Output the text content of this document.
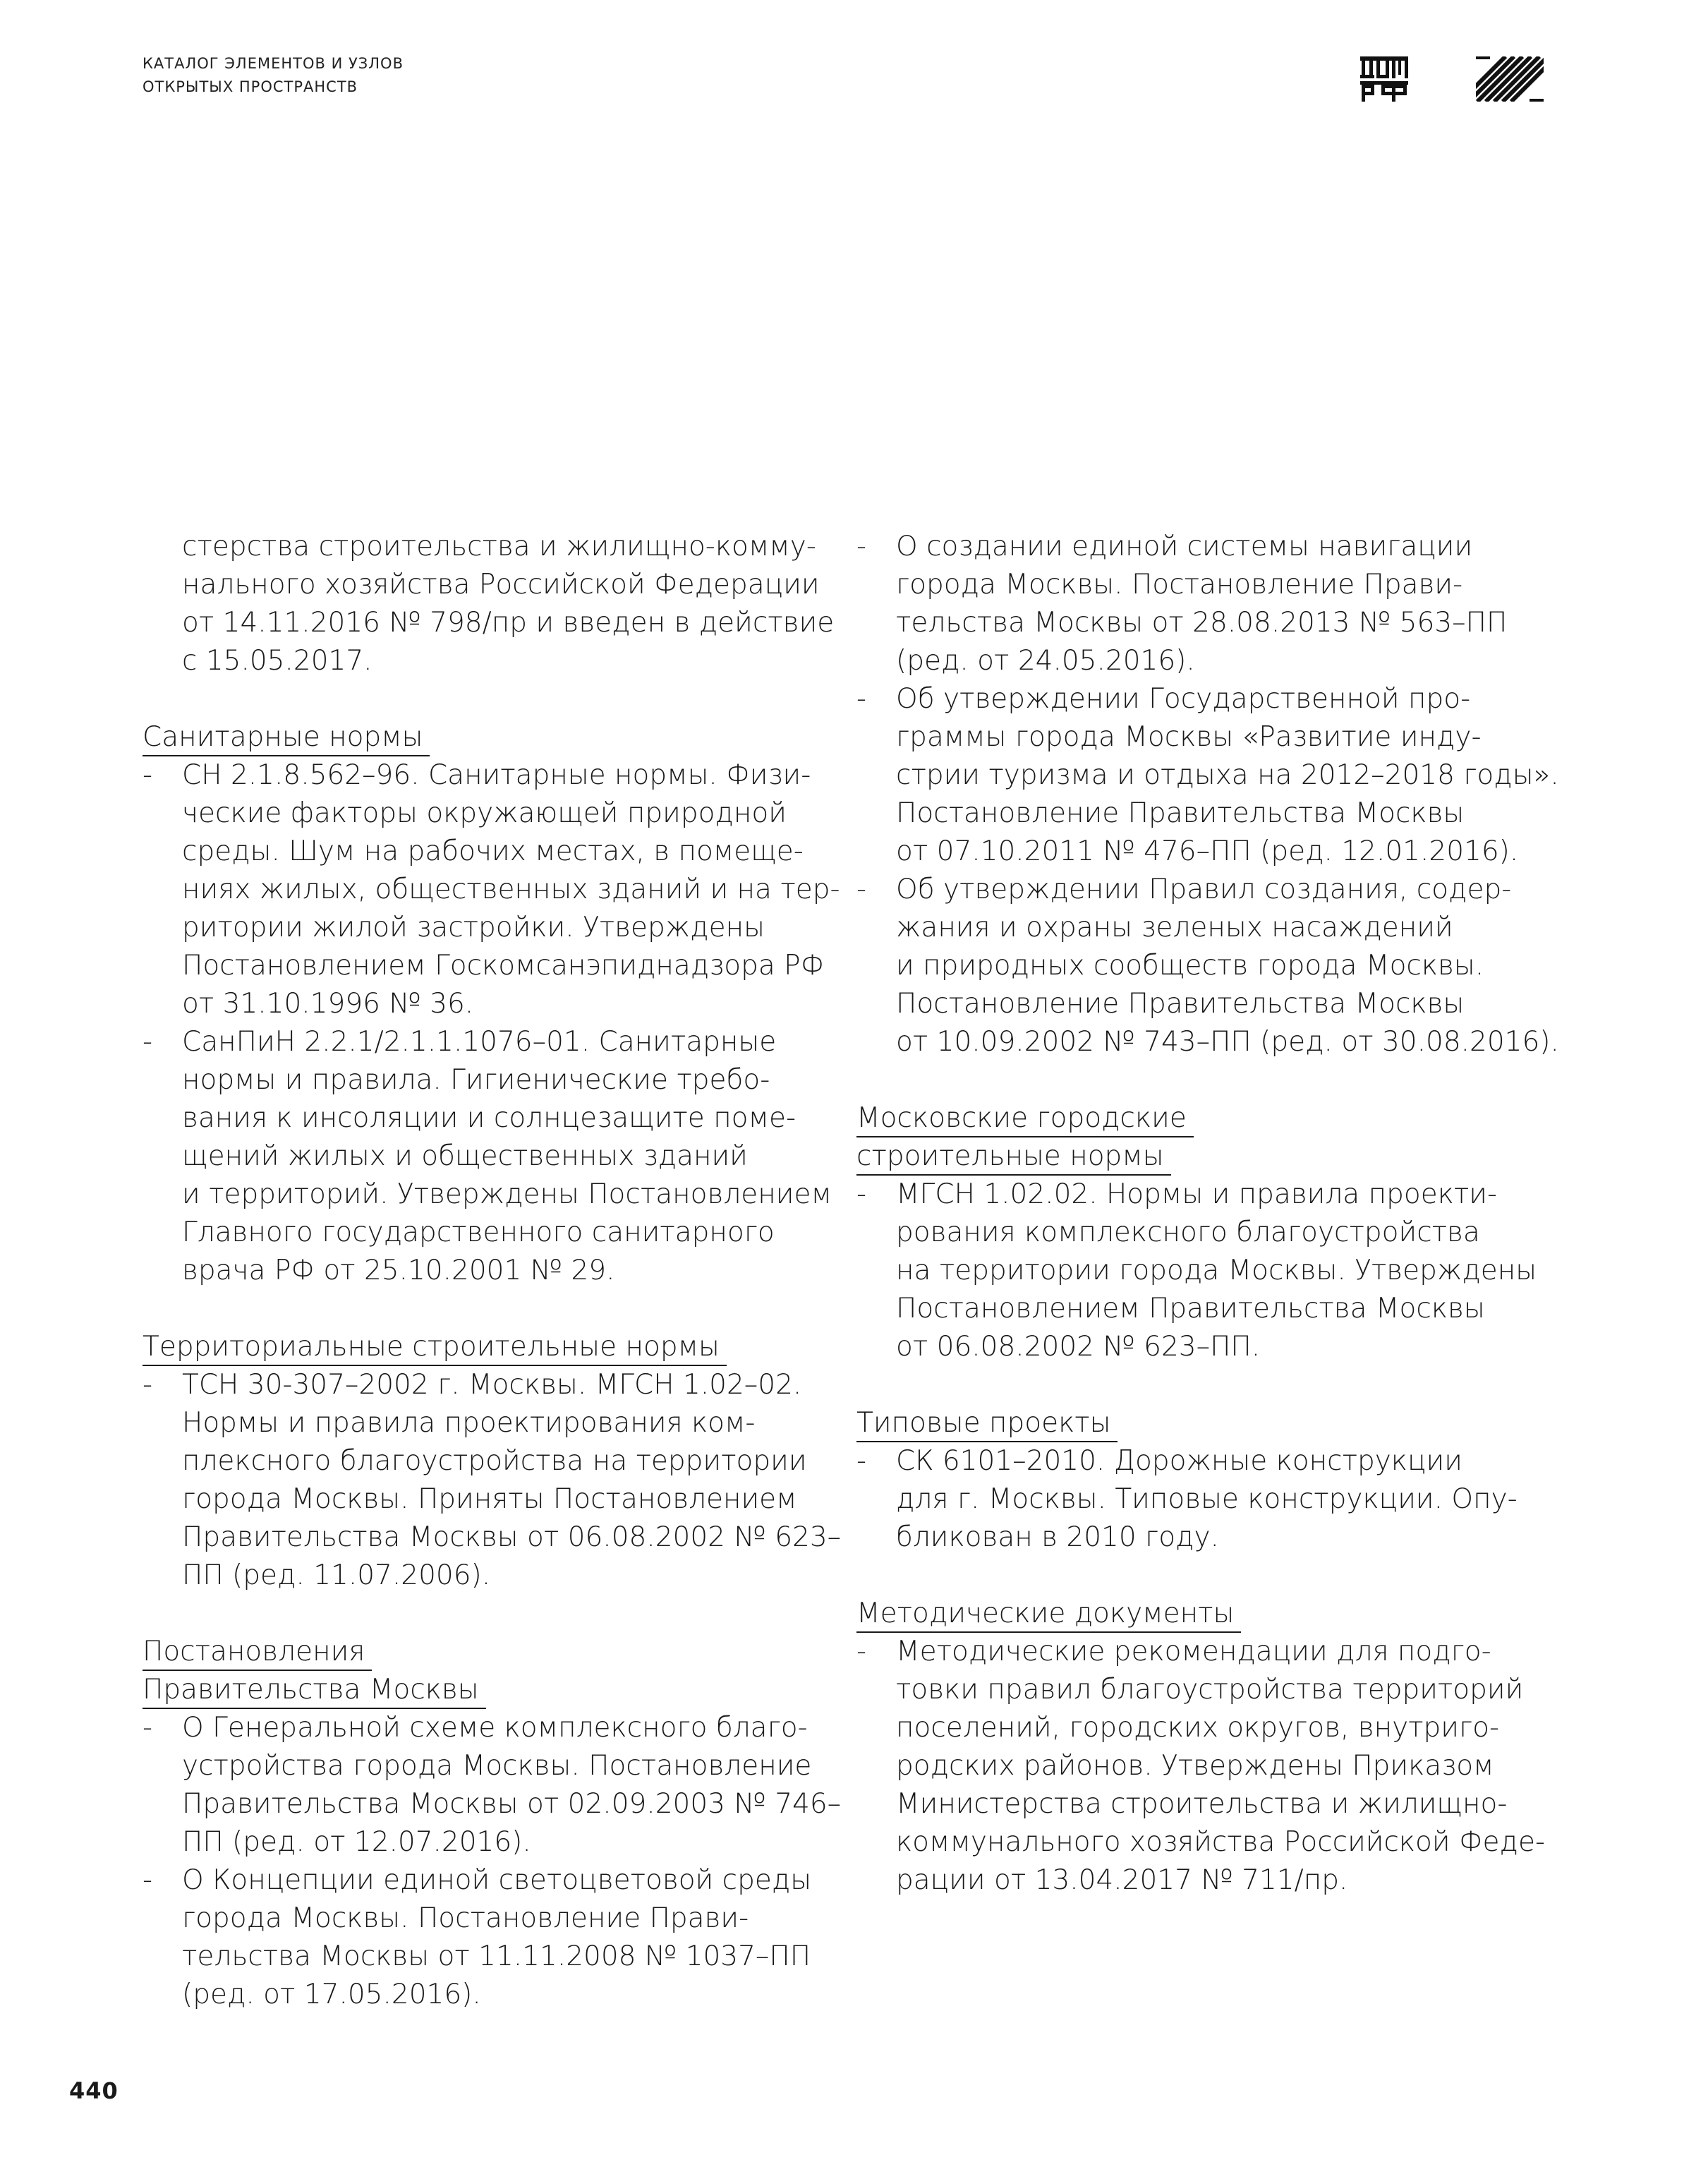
КАТАЛОГ ЭЛЕМЕНТОВ И УЗЛОВ
ОТКРЫТЫХ ПРОСТРАНСТВ
стерства строительства и жилищно-комму-
нального хозяйства Российской Федерации
от 14.11.2016 № 798/пр и введен в действие
с 15.05.2017.
Санитарные нормы
-	СН 2.1.8.562–96. Санитарные нормы. Физи-
ческие факторы окружающей природной
среды. Шум на рабочих местах, в помеще-
ниях жилых, общественных зданий и на тер-
ритории жилой застройки. Утверждены
Постановлением Госкомсанэпиднадзора РФ
от 31.10.1996 № 36.
-	СанПиН 2.2.1/2.1.1.1076–01. Санитарные
нормы и правила. Гигиенические требо-
вания к инсоляции и солнцезащите поме-
щений жилых и общественных зданий
и территорий. Утверждены Постановлением
Главного государственного санитарного
врача РФ от 25.10.2001 № 29.
Территориальные строительные нормы
-	ТСН 30-307–2002 г. Москвы. МГСН 1.02–02.
Нормы и правила проектирования ком-
плексного благоустройства на территории
города Москвы. Приняты Постановлением
Правительства Москвы от 06.08.2002 № 623–
ПП (ред. 11.07.2006).
Постановления
Правительства Москвы
-	О Генеральной схеме комплексного благо-
устройства города Москвы. Постановление
Правительства Москвы от 02.09.2003 № 746–
ПП (ред. от 12.07.2016).
-	О Концепции единой светоцветовой среды
города Москвы. Постановление Прави-
тельства Москвы от 11.11.2008 № 1037–ПП
(ред. от 17.05.2016).
-	О создании единой системы навигации
города Москвы. Постановление Прави-
тельства Москвы от 28.08.2013 № 563–ПП
(ред. от 24.05.2016).
-	Об утверждении Государственной про-
граммы города Москвы «Развитие инду-
стрии туризма и отдыха на 2012–2018 годы».
Постановление Правительства Москвы
от 07.10.2011 № 476–ПП (ред. 12.01.2016).
-	Об утверждении Правил создания, содер-
жания и охраны зеленых насаждений
и природных сообществ города Москвы.
Постановление Правительства Москвы
от 10.09.2002 № 743–ПП (ред. от 30.08.2016).
Московские городские
строительные нормы
-	МГСН 1.02.02. Нормы и правила проекти-
рования комплексного благоустройства
на территории города Москвы. Утверждены
Постановлением Правительства Москвы
от 06.08.2002 № 623–ПП.
Типовые проекты
-	СК 6101–2010. Дорожные конструкции
для г. Москвы. Типовые конструкции. Опу-
бликован в 2010 году.
Методические документы
-	Методические рекомендации для подго-
товки правил благоустройства территорий
поселений, городских округов, внутриго-
родских районов. Утверждены Приказом
Министерства строительства и жилищно-
коммунального хозяйства Российской Феде-
рации от 13.04.2017 № 711/пр.
440
